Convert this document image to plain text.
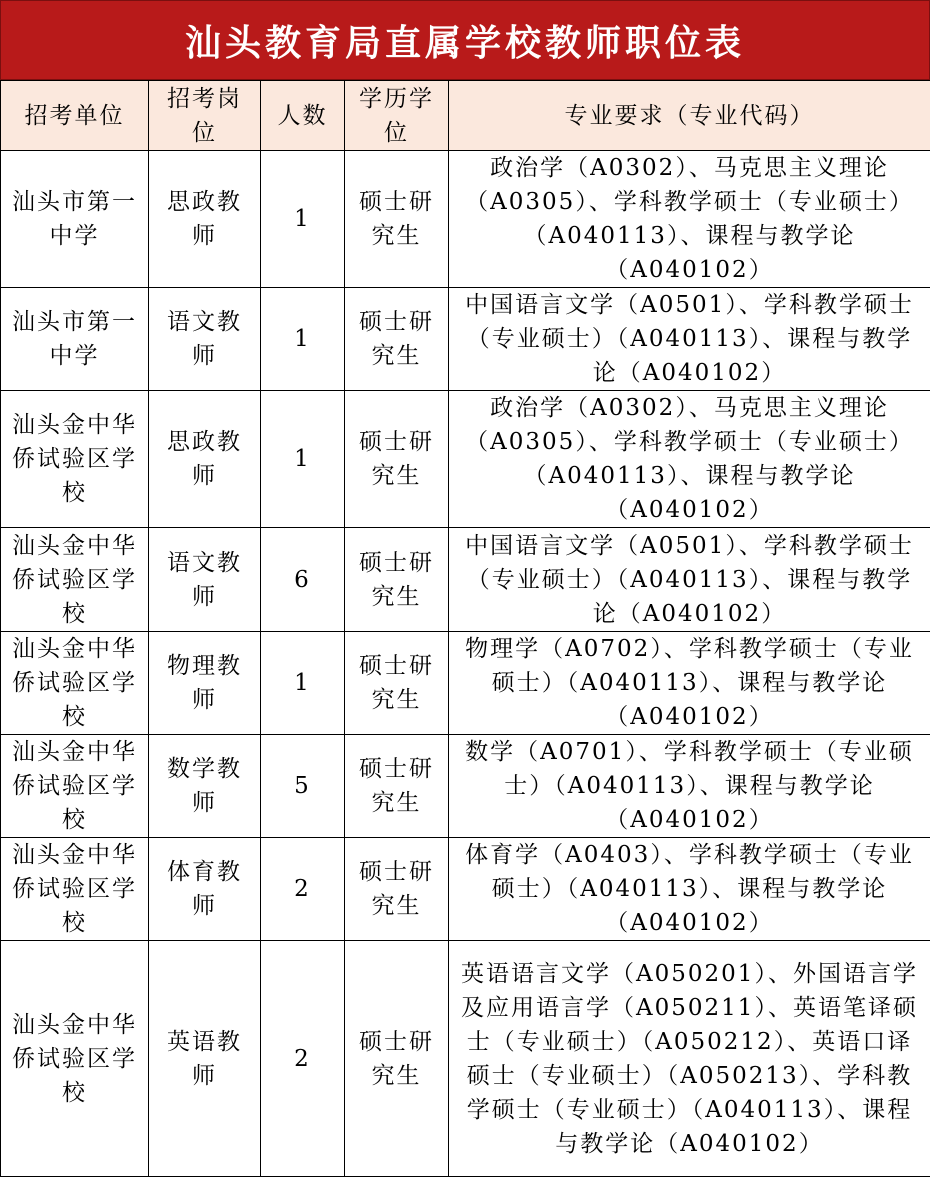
汕头教育局直属学校教师职位表
招考单位	招考岗位	人数	学历学位	专业要求（专业代码）
汕头市第一中学	思政教师	1	硕士研究生	政治学（A0302）、马克思主义理论（A0305）、学科教学硕士（专业硕士）（A040113）、课程与教学论（A040102）
汕头市第一中学	语文教师	1	硕士研究生	中国语言文学（A0501）、学科教学硕士（专业硕士）（A040113）、课程与教学论（A040102）
汕头金中华侨试验区学校	思政教师	1	硕士研究生	政治学（A0302）、马克思主义理论（A0305）、学科教学硕士（专业硕士）（A040113）、课程与教学论（A040102）
汕头金中华侨试验区学校	语文教师	6	硕士研究生	中国语言文学（A0501）、学科教学硕士（专业硕士）（A040113）、课程与教学论（A040102）
汕头金中华侨试验区学校	物理教师	1	硕士研究生	物理学（A0702）、学科教学硕士（专业硕士）（A040113）、课程与教学论（A040102）
汕头金中华侨试验区学校	数学教师	5	硕士研究生	数学（A0701）、学科教学硕士（专业硕士）（A040113）、课程与教学论（A040102）
汕头金中华侨试验区学校	体育教师	2	硕士研究生	体育学（A0403）、学科教学硕士（专业硕士）（A040113）、课程与教学论（A040102）
汕头金中华侨试验区学校	英语教师	2	硕士研究生	英语语言文学（A050201）、外国语言学及应用语言学（A050211）、英语笔译硕士（专业硕士）（A050212）、英语口译硕士（专业硕士）（A050213）、学科教学硕士（专业硕士）（A040113）、课程与教学论（A040102）
